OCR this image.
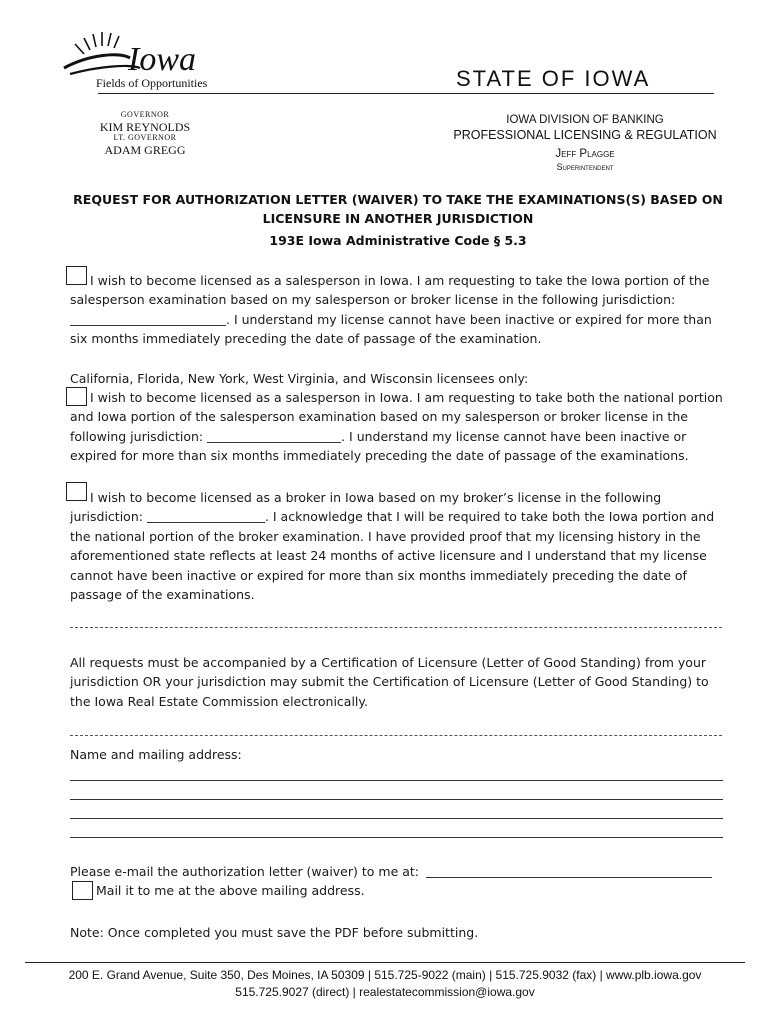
Iowa
Fields of Opportunities	STATE OF IOWA
GOVERNOR
KIM REYNOLDS
LT. GOVERNOR
ADAM GREGG
IOWA DIVISION OF BANKING
PROFESSIONAL LICENSING & REGULATION
Jeff Plagge
Superintendent
REQUEST FOR AUTHORIZATION LETTER (WAIVER) TO TAKE THE EXAMINATIONS(S) BASED ON
LICENSURE IN ANOTHER JURISDICTION
193E Iowa Administrative Code § 5.3

I wish to become licensed as a salesperson in Iowa. I am requesting to take the Iowa portion of the salesperson examination based on my salesperson or broker license in the following jurisdiction: . I understand my license cannot have been inactive or expired for more than six months immediately preceding the date of passage of the examination.

California, Florida, New York, West Virginia, and Wisconsin licensees only:

I wish to become licensed as a salesperson in Iowa. I am requesting to take both the national portion and Iowa portion of the salesperson examination based on my salesperson or broker license in the following jurisdiction:	. I understand my license cannot have been inactive or expired for more than six months immediately preceding the date of passage of the examinations.

I wish to become licensed as a broker in Iowa based on my broker’s license in the following jurisdiction:	. I acknowledge that I will be required to take both the Iowa portion and the national portion of the broker examination. I have provided proof that my licensing history in the aforementioned state reflects at least 24 months of active licensure and I understand that my license cannot have been inactive or expired for more than six months immediately preceding the date of passage of the examinations.

All requests must be accompanied by a Certification of Licensure (Letter of Good Standing) from your jurisdiction OR your jurisdiction may submit the Certification of Licensure (Letter of Good Standing) to the Iowa Real Estate Commission electronically.

Name and mailing address:

Please e-mail the authorization letter (waiver) to me at:

Mail it to me at the above mailing address.

Note: Once completed you must save the PDF before submitting.

200 E. Grand Avenue, Suite 350, Des Moines, IA 50309 | 515.725-9022 (main) | 515.725.9032 (fax) | www.plb.iowa.gov
515.725.9027 (direct) | realestatecommission@iowa.gov
